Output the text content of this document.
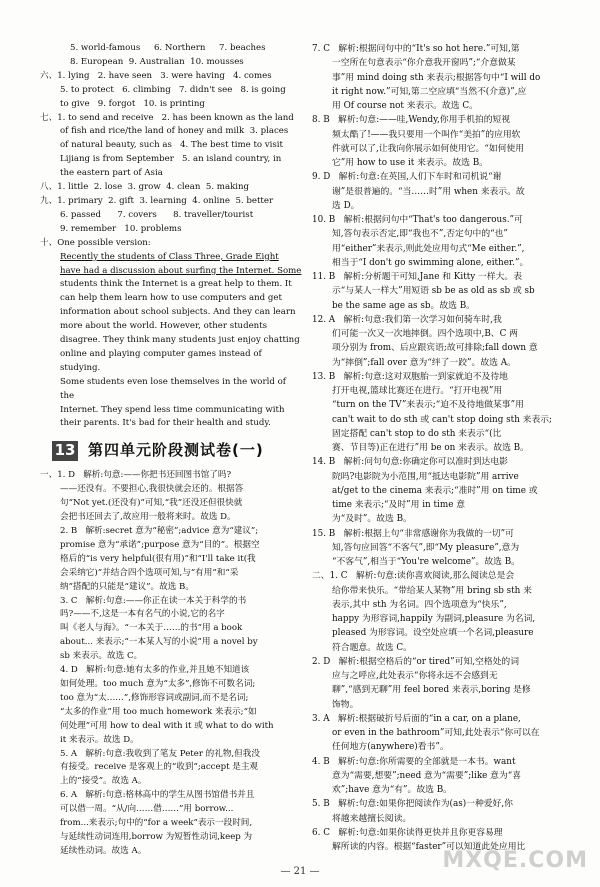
5. world-famous     6. Northern     7. beaches
8. European  9. Australian  10. mousses
六、1. lying   2. have seen   3. were having   4. comes
5. to protect   6. climbing   7. didn't see   8. is going
to give   9. forgot   10. is printing
七、1. to send and receive   2. has been known as the land
of fish and rice/the land of honey and milk  3. places
of natural beauty, such as   4. The best time to visit
Lijiang is from September   5. an island country, in
the eastern part of Asia
八、1. little  2. lose  3. grow  4. clean  5. making
九、1. primary  2. gift  3. learning  4. online  5. better
6. passed      7. covers      8. traveller/tourist
9. remember   10. problems
十、One possible version:
Recently the students of Class Three, Grade Eight
have had a discussion about surfing the Internet. Some
students think the Internet is a great help to them. It
can help them learn how to use computers and get
information about school subjects. And they can learn
more about the world. However, other students
disagree. They think many students just enjoy chatting
online and playing computer games instead of studying.
Some students even lose themselves in the world of the
Internet. They spend less time communicating with
their parents. It's bad for their health and study.
13 第四单元阶段测试卷(一)
一、1. D   解析:句意:——你把书还回图书馆了吗?
——还没有。不要担心,我很快就会还的。根据答
句“Not yet.(还没有)”可知,“我”还没还但很快就
会把书还回去了,故应用一般将来时。故选 D。
2. B   解析:secret 意为“秘密”;advice 意为“建议”;
promise 意为“承诺”;purpose 意为“目的”。根据空
格后的“is very helpful(很有用)”和“I'll take it(我
会采纳它)”并结合四个选项可知,与“有用”和“采
纳”搭配的只能是“建议”。故选 B。
3. C   解析:句意:——你正在读一本关于科学的书
吗?——不,这是一本有名气的小说,它的名字
叫《老人与海》。“一本关于……的书”用 a book
about... 来表示;“一本某人写的小说”用 a novel by
sb 来表示。故选 C。
4. D   解析:句意:她有太多的作业,并且她不知道该
如何处理。too much 意为“太多”,修饰不可数名词;
too 意为“太……”,修饰形容词或副词,而不是名词;
“太多的作业”用 too much homework 来表示;“如
何处理”可用 how to deal with it 或 what to do with
it 来表示。故选 D。
5. A   解析:句意:我收到了笔友 Peter 的礼物,但我没
有接受。receive 是客观上的“收到”;accept 是主观
上的“接受”。故选 A。
6. A   解析:句意:格林高中的学生从图书馆借书并且
可以借一周。“从/向……借……”用 borrow...
from...来表示;句中的“for a week”表示一段时间,
与延续性动词连用,borrow 为短暂性动词,keep 为
延续性动词。故选 A。
7. C   解析:根据问句中的“It's so hot here.”可知,第
一空所在句意表示“你介意我开窗吗”;“介意做某
事”用 mind doing sth 来表示;根据答句中“I will do
it right now.”可知,第二空应填“当然不(介意)”,应
用 Of course not 来表示。故选 C。
8. B   解析:句意:——哇,Wendy,你用手机拍的短视
频太酷了!——我只要用一个叫作“美拍”的应用软
件就可以了,让我向你展示如何使用它。“如何使用
它”用 how to use it 来表示。故选 B。
9. D   解析:句意:在英国,人们下车时和司机说“谢
谢”是很普遍的。“当……时”用 when 来表示。故
选 D。
10. B   解析:根据问句中“That's too dangerous.”可
知,答句表示否定,即“我也不”,否定句中的“也”
用“either”来表示,则此处应用句式“Me either.”,
相当于“I don't go swimming alone, either.”。
11. B   解析:分析题干可知,Jane 和 Kitty 一样大。表
示“与某人一样大”用短语 sb be as old as sb 或 sb
be the same age as sb。故选 B。
12. A   解析:句意:我们第一次学习如何骑车时,我
们可能一次又一次地摔倒。四个选项中,B、C 两
项分别为 from、后应跟宾语;故可排除;fall down 意
为“摔倒”;fall over 意为“绊了一跤”。故选 A。
13. B   解析:句意:这对双胞胎一到家就迫不及待地
打开电视,篮球比赛还在进行。“打开电视”用
“turn on the TV”来表示;“迫不及待地做某事”用
can't wait to do sth 或 can't stop doing sth 来表示;
固定搭配 can't stop to do sth 来表示“(比
赛、节目等)正在进行”用 be on 来表示。故选 B。
14. B   解析:问句句意:你确定你可以准时到达电影
院吗?电影院为小范围,用“抵达电影院”用 arrive
at/get to the cinema 来表示;“准时”用 on time 或
time 来表示;“及时”用 in time 意
为“及时”。故选 B。
15. B   解析:根据上句“非常感谢你为我做的一切”可
知,答句应回答“不客气”,即“My pleasure”,意为
“不客气”,相当于“You're welcome”。故选 B。
二、1. C   解析:句意:读你喜欢阅读,那么阅读总是会
给你带来快乐。“带给某人某物”用 bring sb sth 来
表示,其中 sth 为名词。四个选项意为“快乐”,
happy 为形容词,happily 为副词,pleasure 为名词,
pleased 为形容词。设空处应填一个名词,pleasure
符合题意。故选 C。
2. D   解析:根据空格后的“or tired”可知,空格处的词
应与之呼应,此处表示“你将永远不会感到无
聊”,“感到无聊”用 feel bored 来表示,boring 是修
饰物。
3. A   解析:根据破折号后面的“in a car, on a plane,
or even in the bathroom”可知,此处表示“你可以在
任何地方(anywhere)看书”。
4. B   解析:句意:你所需要的全部就是一本书。want
意为“需要,想要”;need 意为“需要”;like 意为“喜
欢”;have 意为“有”。故选 B。
5. B   解析:句意:如果你把阅读作为(as)一种爱好,你
将越来越擅长阅读。
6. C   解析:句意:如果你读得更快并且你更容易理
解所读的内容。根据“faster”可以知道此处应用比
— 21 —	MXQE.COM
